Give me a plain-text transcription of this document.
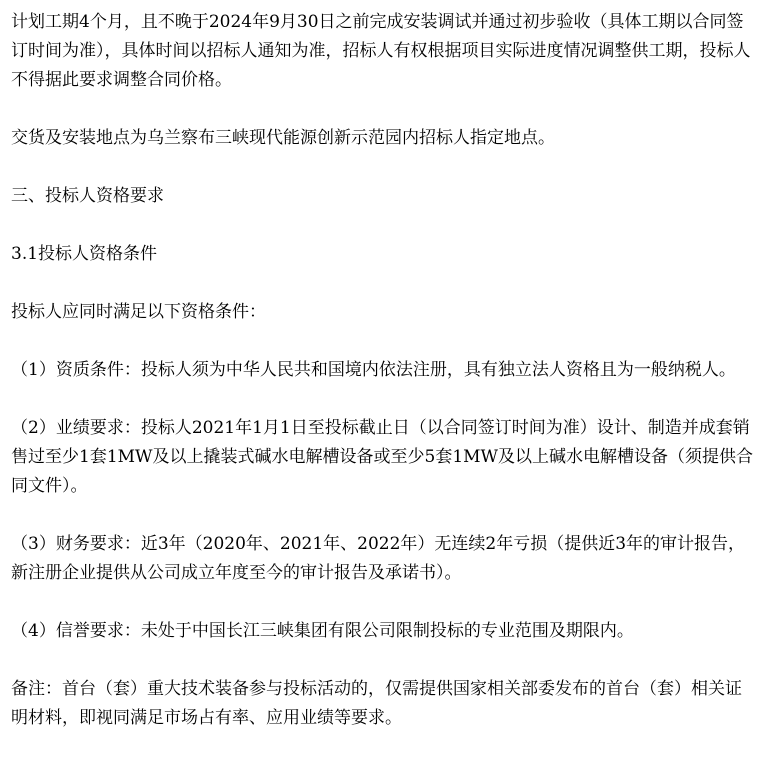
计划工期4个月，且不晚于2024年9月30日之前完成安装调试并通过初步验收（具体工期以合同签订时间为准），具体时间以招标人通知为准，招标人有权根据项目实际进度情况调整供工期，投标人不得据此要求调整合同价格。

交货及安装地点为乌兰察布三峡现代能源创新示范园内招标人指定地点。

三、投标人资格要求

3.1投标人资格条件

投标人应同时满足以下资格条件：

（1）资质条件：投标人须为中华人民共和国境内依法注册，具有独立法人资格且为一般纳税人。

（2）业绩要求：投标人2021年1月1日至投标截止日（以合同签订时间为准）设计、制造并成套销售过至少1套1MW及以上撬装式碱水电解槽设备或至少5套1MW及以上碱水电解槽设备（须提供合同文件）。

（3）财务要求：近3年（2020年、2021年、2022年）无连续2年亏损（提供近3年的审计报告，新注册企业提供从公司成立年度至今的审计报告及承诺书）。

（4）信誉要求：未处于中国长江三峡集团有限公司限制投标的专业范围及期限内。

备注：首台（套）重大技术装备参与投标活动的，仅需提供国家相关部委发布的首台（套）相关证明材料，即视同满足市场占有率、应用业绩等要求。
